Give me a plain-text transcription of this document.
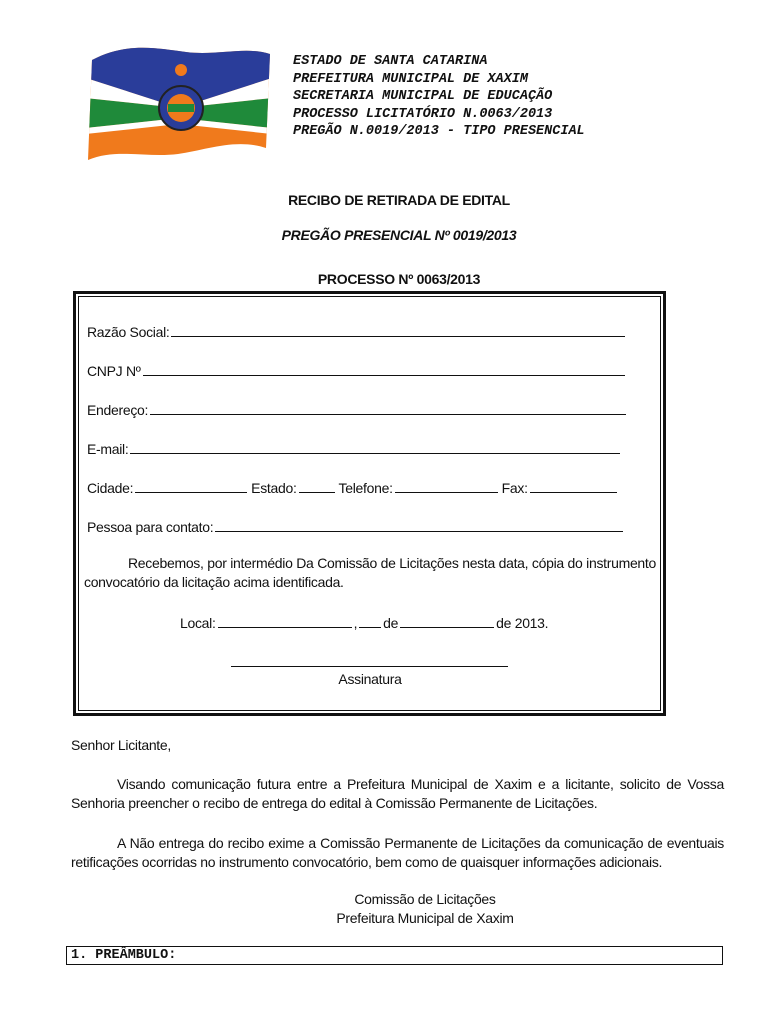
ESTADO DE SANTA CATARINA
PREFEITURA MUNICIPAL DE XAXIM
SECRETARIA MUNICIPAL DE EDUCAÇÃO
PROCESSO LICITATÓRIO N.0063/2013
PREGÃO N.0019/2013 - TIPO PRESENCIAL
RECIBO DE RETIRADA DE EDITAL
PREGÃO PRESENCIAL Nº 0019/2013
PROCESSO Nº 0063/2013
Razão Social:
CNPJ Nº
Endereço:
E-mail:
Cidade:	Estado:	Telefone:	Fax:
Pessoa para contato:
Recebemos, por intermédio Da Comissão de Licitações nesta data, cópia do instrumento convocatório da licitação acima identificada.
Local:	, de	de 2013.
Assinatura
Senhor Licitante,
Visando comunicação futura entre a Prefeitura Municipal de Xaxim e a licitante, solicito de Vossa Senhoria preencher o recibo de entrega do edital à Comissão Permanente de Licitações.
A Não entrega do recibo exime a Comissão Permanente de Licitações da comunicação de eventuais retificações ocorridas no instrumento convocatório, bem como de quaisquer informações adicionais.
Comissão de Licitações
Prefeitura Municipal de Xaxim
1. PREÂMBULO:
